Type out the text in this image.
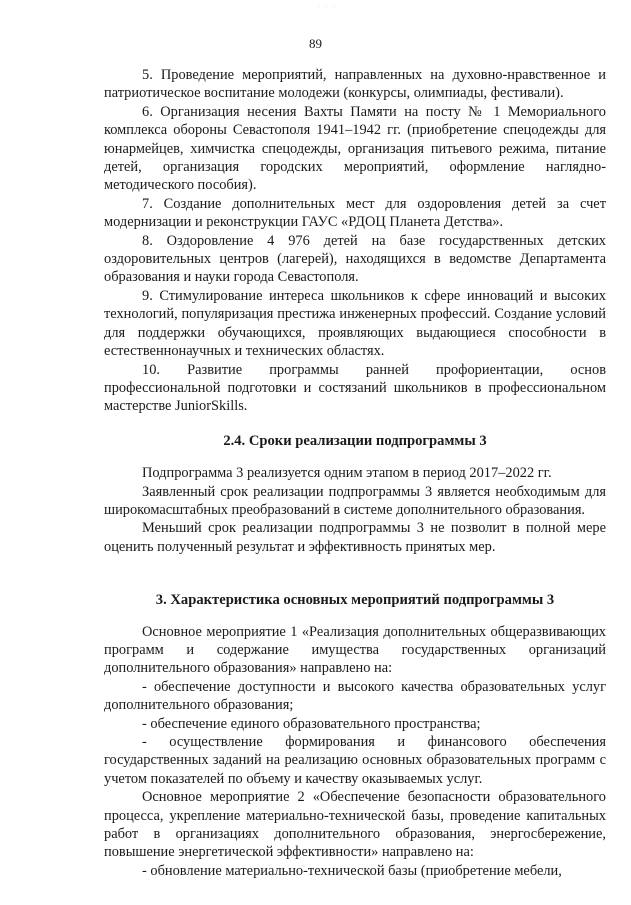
· · ·
89

5. Проведение мероприятий, направленных на духовно-нравственное и патриотическое воспитание молодежи (конкурсы, олимпиады, фестивали).

6. Организация несения Вахты Памяти на посту № 1 Мемориального комплекса обороны Севастополя 1941–1942 гг. (приобретение спецодежды для юнармейцев, химчистка спецодежды, организация питьевого режима, питание детей, организация городских мероприятий, оформление наглядно-методического пособия).

7. Создание дополнительных мест для оздоровления детей за счет модернизации и реконструкции ГАУС «РДОЦ Планета Детства».

8. Оздоровление 4 976 детей на базе государственных детских оздоровительных центров (лагерей), находящихся в ведомстве Департамента образования и науки города Севастополя.

9. Стимулирование интереса школьников к сфере инноваций и высоких технологий, популяризация престижа инженерных профессий. Создание условий для поддержки обучающихся, проявляющих выдающиеся способности в естественнонаучных и технических областях.

10. Развитие программы ранней профориентации, основ профессиональной подготовки и состязаний школьников в профессиональном мастерстве JuniorSkills.

2.4. Сроки реализации подпрограммы 3

Подпрограмма 3 реализуется одним этапом в период 2017–2022 гг.

Заявленный срок реализации подпрограммы 3 является необходимым для широкомасштабных преобразований в системе дополнительного образования.

Меньший срок реализации подпрограммы 3 не позволит в полной мере оценить полученный результат и эффективность принятых мер.

3. Характеристика основных мероприятий подпрограммы 3

Основное мероприятие 1 «Реализация дополнительных общеразвивающих программ и содержание имущества государственных организаций дополнительного образования» направлено на:

- обеспечение доступности и высокого качества образовательных услуг дополнительного образования;

- обеспечение единого образовательного пространства;

- осуществление формирования и финансового обеспечения государственных заданий на реализацию основных образовательных программ с учетом показателей по объему и качеству оказываемых услуг.

Основное мероприятие 2 «Обеспечение безопасности образовательного процесса, укрепление материально-технической базы, проведение капитальных работ в организациях дополнительного образования, энергосбережение, повышение энергетической эффективности» направлено на:

- обновление материально-технической базы (приобретение мебели,
